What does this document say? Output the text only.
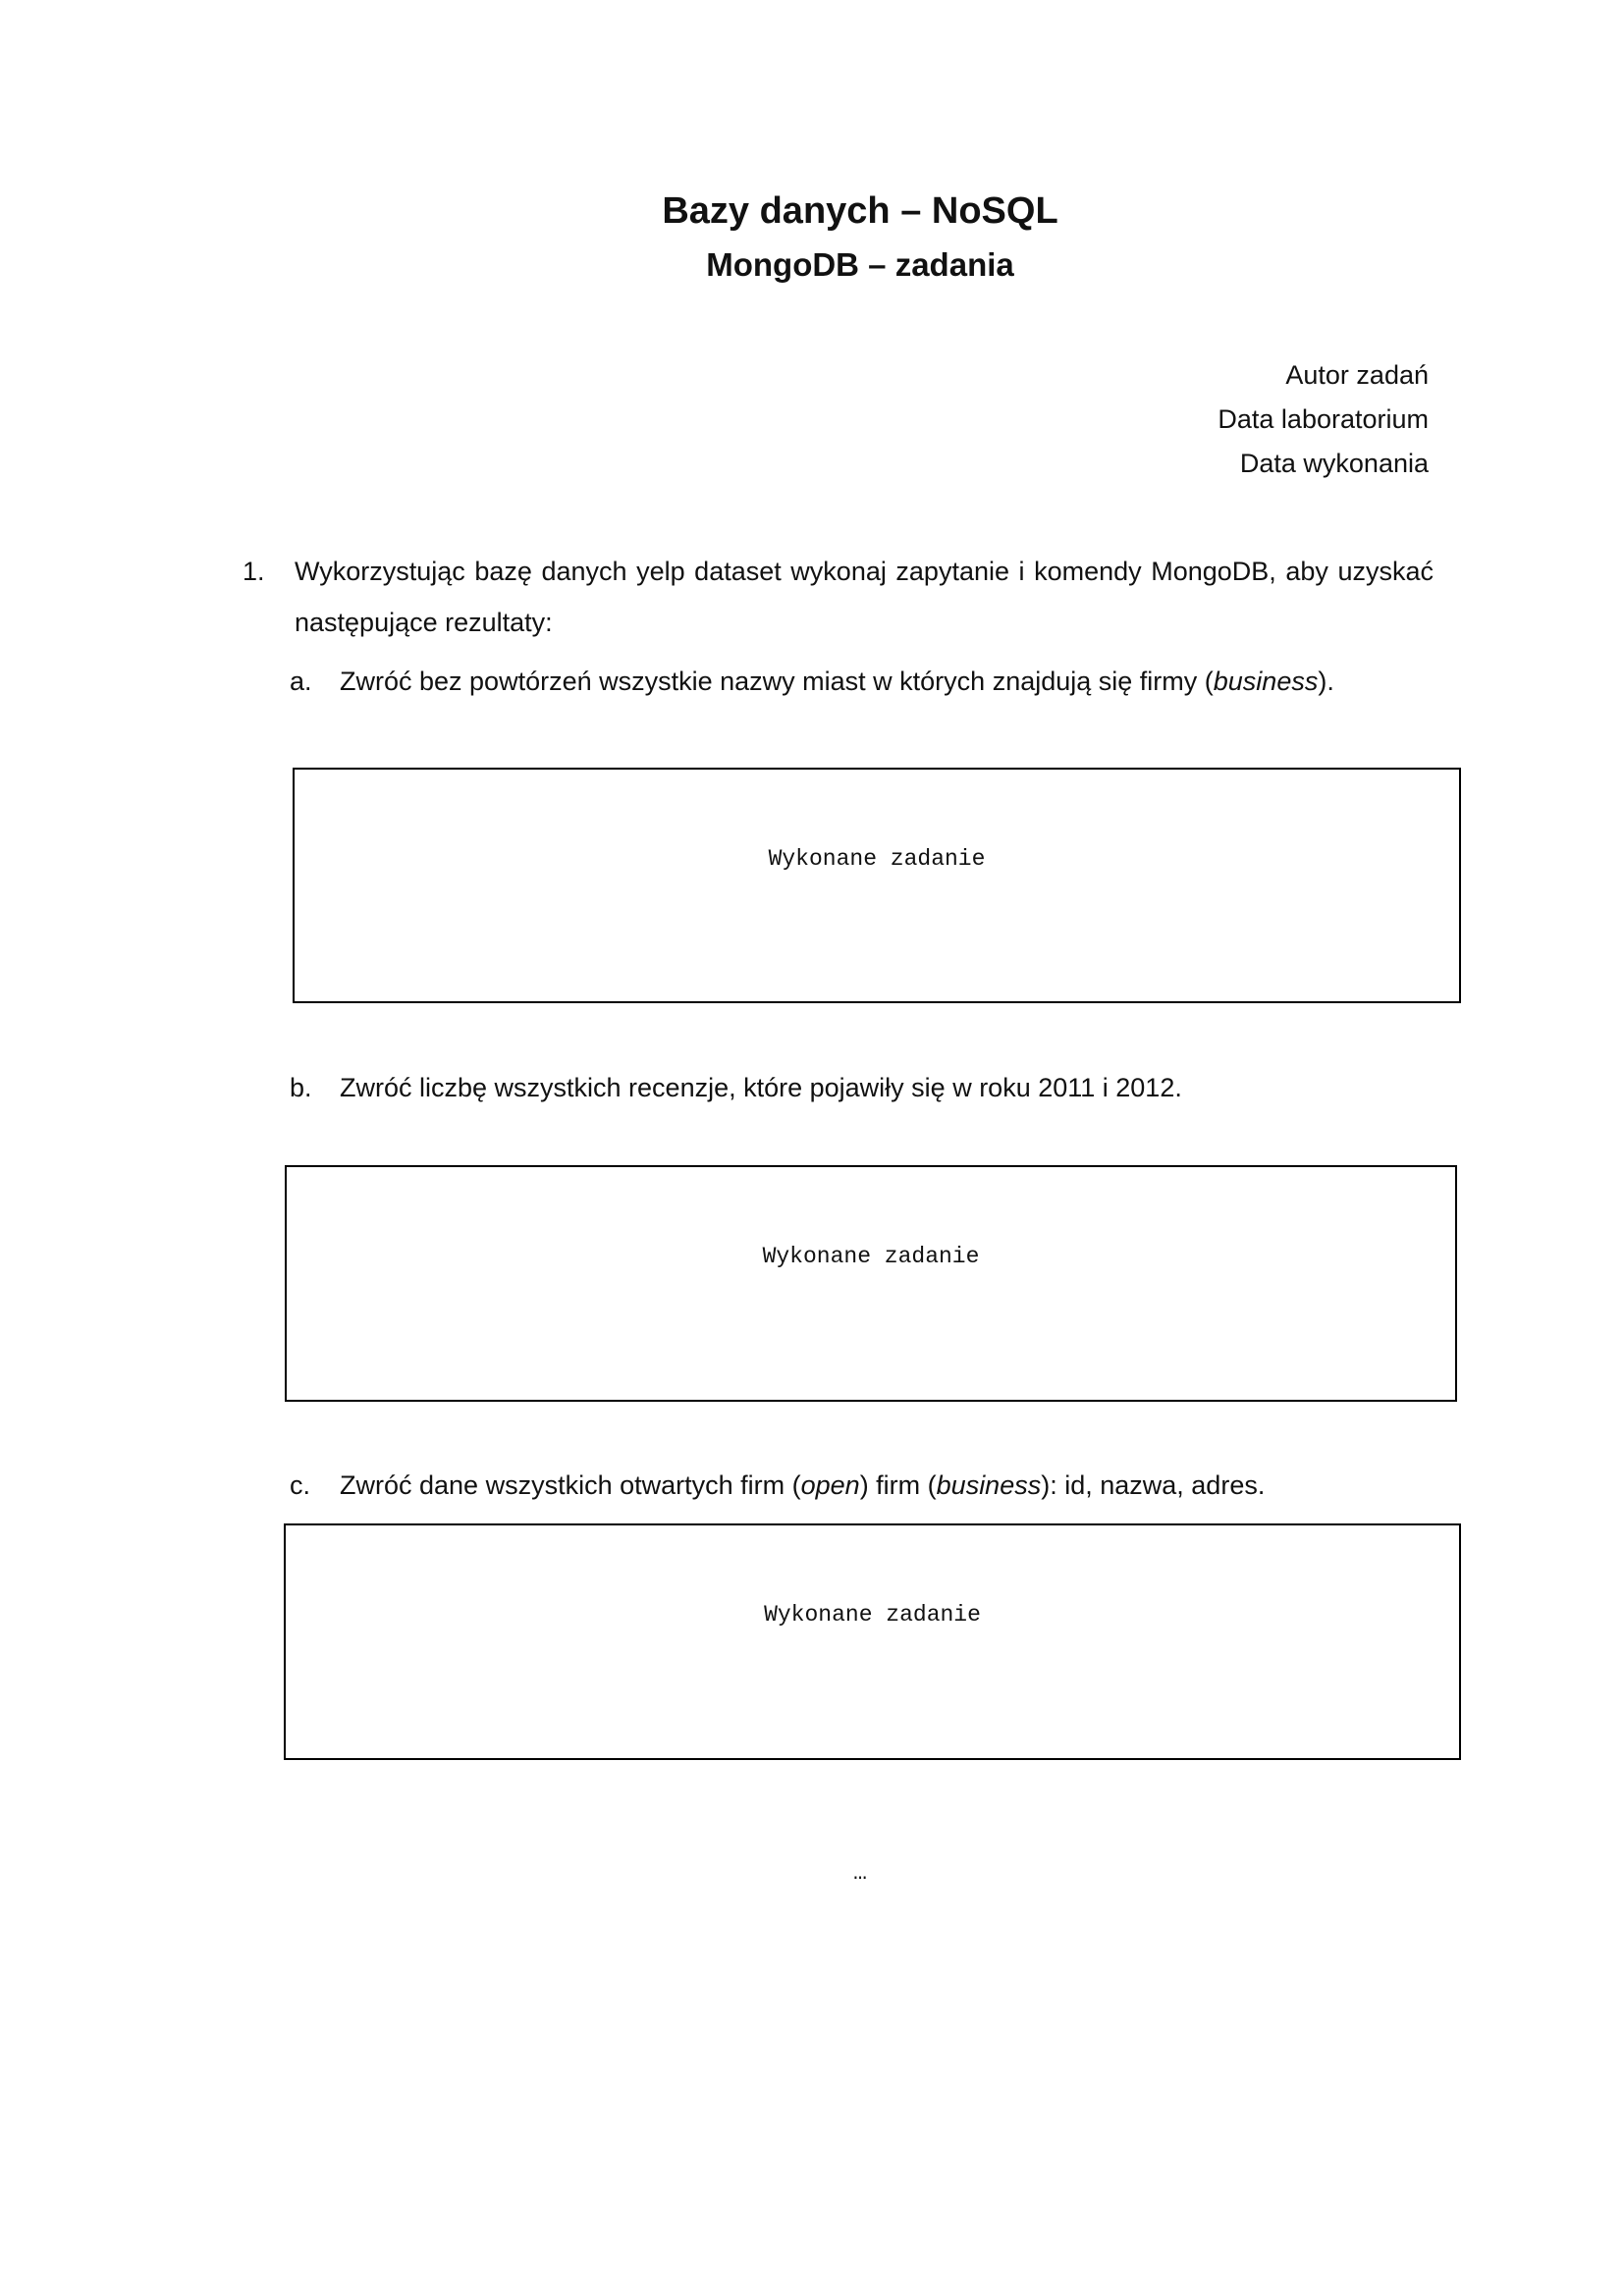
Bazy danych – NoSQL
MongoDB – zadania
Autor zadań
Data laboratorium
Data wykonania
1.	Wykorzystując bazę danych yelp dataset wykonaj zapytanie i komendy MongoDB, aby uzyskać następujące rezultaty:
a.	Zwróć bez powtórzeń wszystkie nazwy miast w których znajdują się firmy (business).
Wykonane zadanie
b.	Zwróć liczbę wszystkich recenzje, które pojawiły się w roku 2011 i 2012.
Wykonane zadanie
c.	Zwróć dane wszystkich otwartych firm (open) firm (business): id, nazwa, adres.
Wykonane zadanie
…
